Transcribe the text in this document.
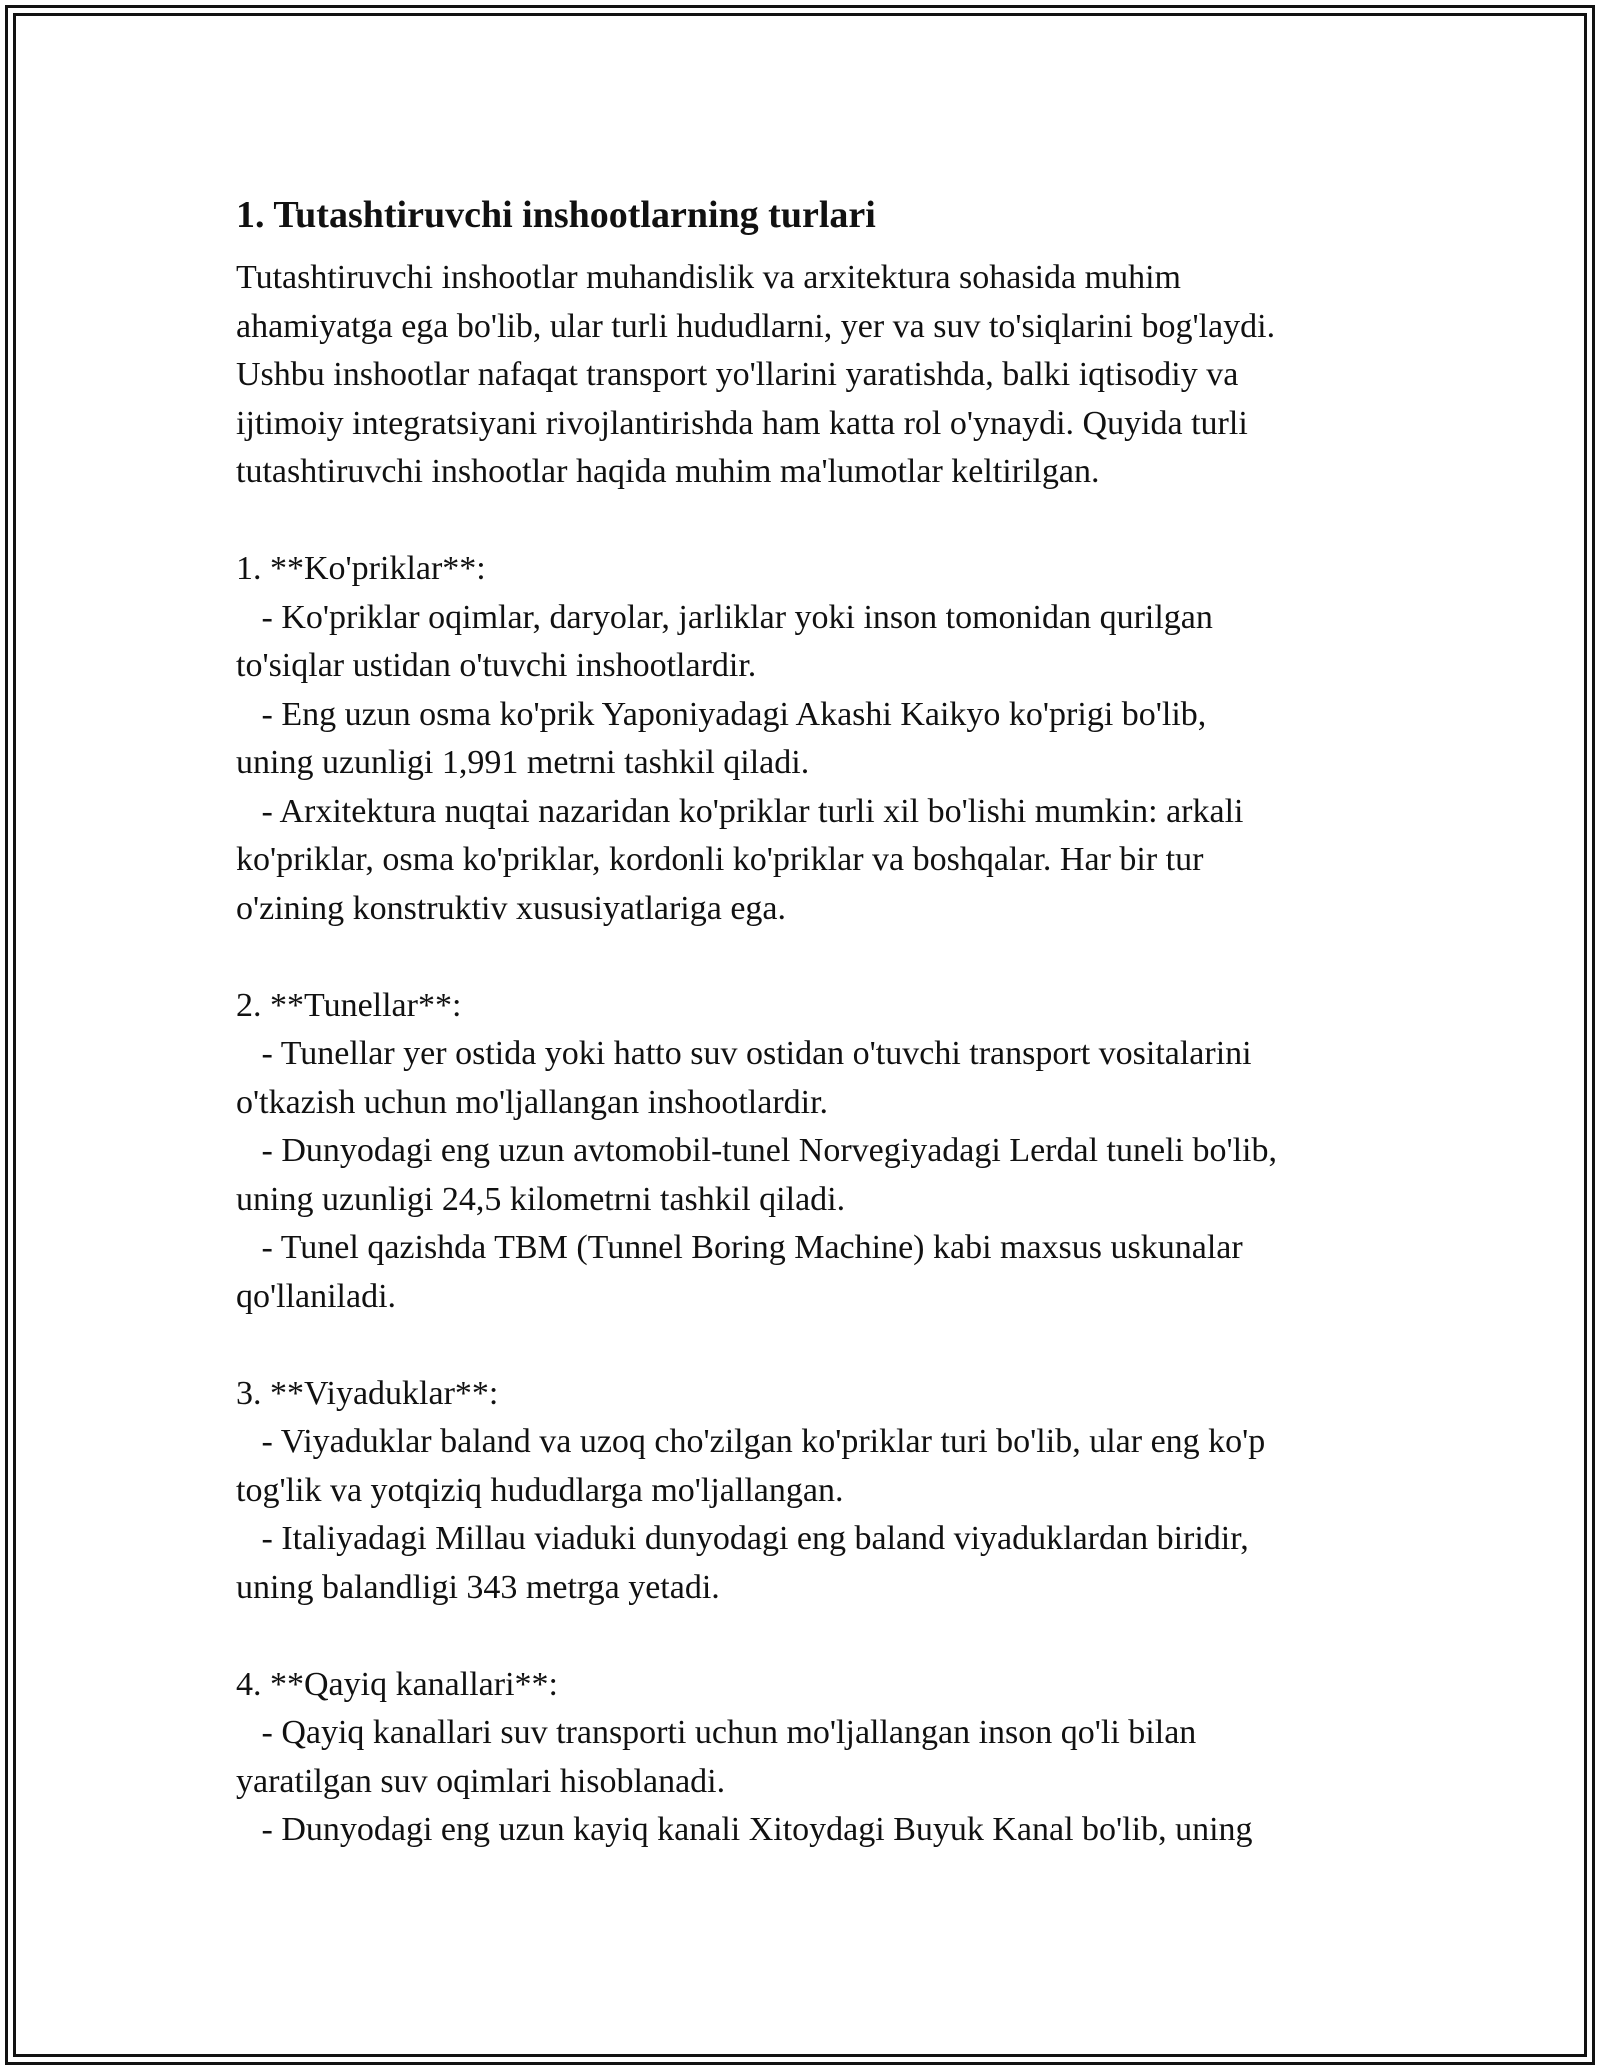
1. Tutashtiruvchi inshootlarning turlari
Tutashtiruvchi inshootlar muhandislik va arxitektura sohasida muhim
ahamiyatga ega bo'lib, ular turli hududlarni, yer va suv to'siqlarini bog'laydi.
Ushbu inshootlar nafaqat transport yo'llarini yaratishda, balki iqtisodiy va
ijtimoiy integratsiyani rivojlantirishda ham katta rol o'ynaydi. Quyida turli
tutashtiruvchi inshootlar haqida muhim ma'lumotlar keltirilgan.
1. **Ko'priklar**:
- Ko'priklar oqimlar, daryolar, jarliklar yoki inson tomonidan qurilgan
to'siqlar ustidan o'tuvchi inshootlardir.
- Eng uzun osma ko'prik Yaponiyadagi Akashi Kaikyo ko'prigi bo'lib,
uning uzunligi 1,991 metrni tashkil qiladi.
- Arxitektura nuqtai nazaridan ko'priklar turli xil bo'lishi mumkin: arkali
ko'priklar, osma ko'priklar, kordonli ko'priklar va boshqalar. Har bir tur
o'zining konstruktiv xususiyatlariga ega.
2. **Tunellar**:
- Tunellar yer ostida yoki hatto suv ostidan o'tuvchi transport vositalarini
o'tkazish uchun mo'ljallangan inshootlardir.
- Dunyodagi eng uzun avtomobil-tunel Norvegiyadagi Lerdal tuneli bo'lib,
uning uzunligi 24,5 kilometrni tashkil qiladi.
- Tunel qazishda TBM (Tunnel Boring Machine) kabi maxsus uskunalar
qo'llaniladi.
3. **Viyaduklar**:
- Viyaduklar baland va uzoq cho'zilgan ko'priklar turi bo'lib, ular eng ko'p
tog'lik va yotqiziq hududlarga mo'ljallangan.
- Italiyadagi Millau viaduki dunyodagi eng baland viyaduklardan biridir,
uning balandligi 343 metrga yetadi.
4. **Qayiq kanallari**:
- Qayiq kanallari suv transporti uchun mo'ljallangan inson qo'li bilan
yaratilgan suv oqimlari hisoblanadi.
- Dunyodagi eng uzun kayiq kanali Xitoydagi Buyuk Kanal bo'lib, uning
